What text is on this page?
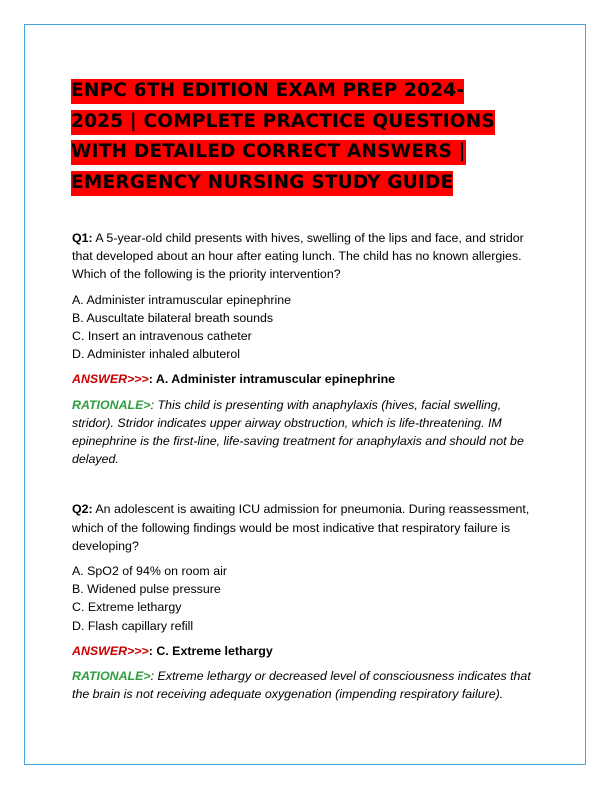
ENPC 6TH EDITION EXAM PREP 2024-
2025 | COMPLETE PRACTICE QUESTIONS
WITH DETAILED CORRECT ANSWERS |
EMERGENCY NURSING STUDY GUIDE

Q1: A 5-year-old child presents with hives, swelling of the lips and face, and stridor that developed about an hour after eating lunch. The child has no known allergies. Which of the following is the priority intervention?

A. Administer intramuscular epinephrine
B. Auscultate bilateral breath sounds
C. Insert an intravenous catheter
D. Administer inhaled albuterol

ANSWER>>>: A. Administer intramuscular epinephrine

RATIONALE>: This child is presenting with anaphylaxis (hives, facial swelling, stridor). Stridor indicates upper airway obstruction, which is life-threatening. IM epinephrine is the first-line, life-saving treatment for anaphylaxis and should not be delayed.

Q2: An adolescent is awaiting ICU admission for pneumonia. During reassessment, which of the following findings would be most indicative that respiratory failure is developing?

A. SpO2 of 94% on room air
B. Widened pulse pressure
C. Extreme lethargy
D. Flash capillary refill

ANSWER>>>: C. Extreme lethargy

RATIONALE>: Extreme lethargy or decreased level of consciousness indicates that the brain is not receiving adequate oxygenation (impending respiratory failure).
